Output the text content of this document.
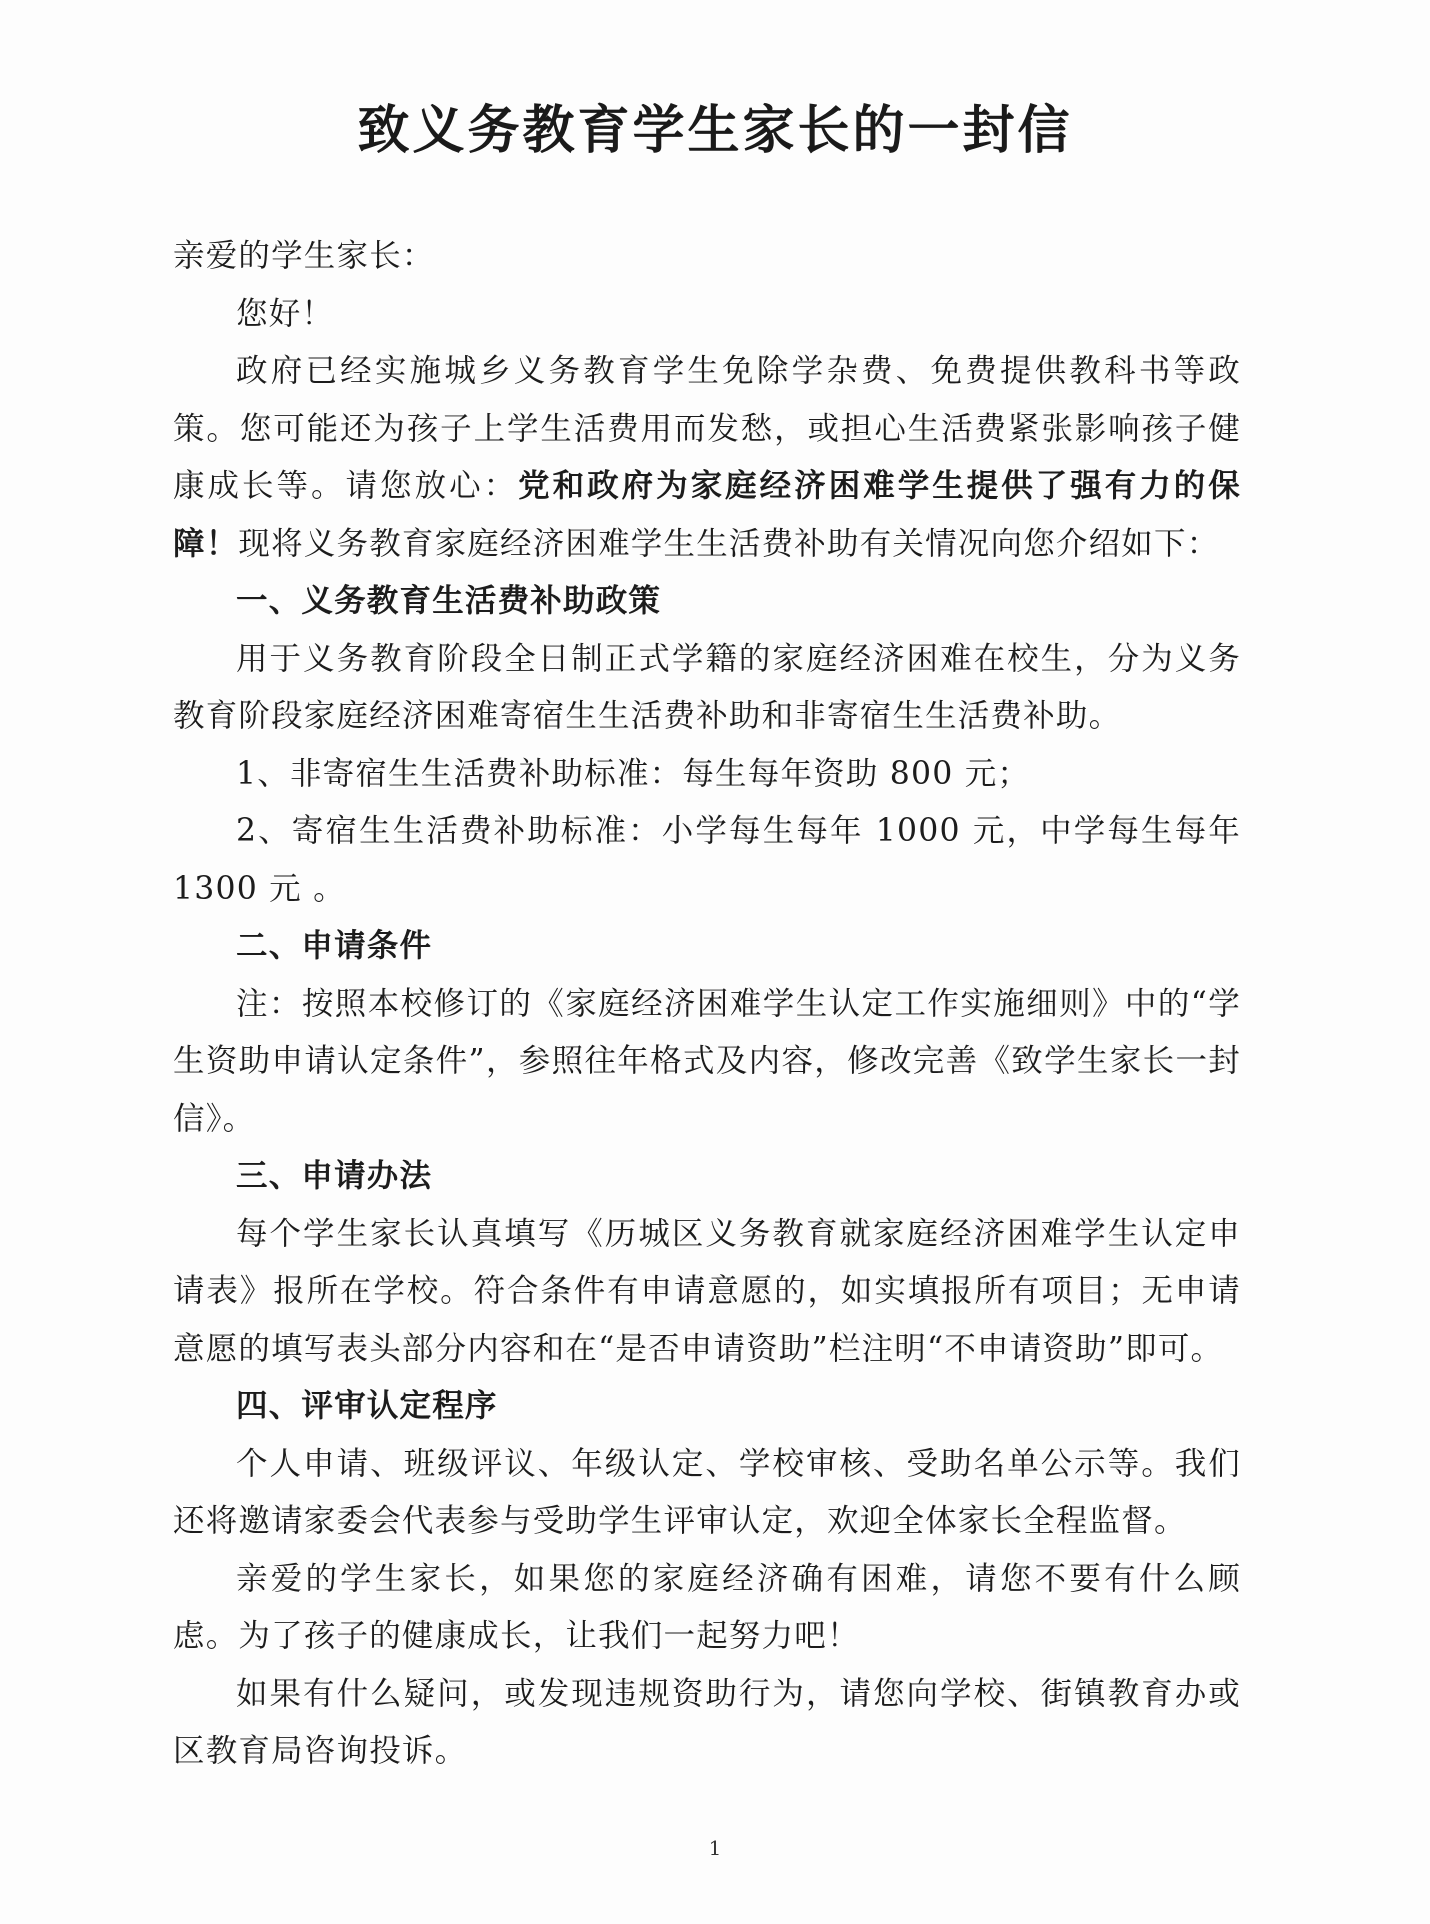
致义务教育学生家长的一封信

亲爱的学生家长：

您好！

政府已经实施城乡义务教育学生免除学杂费、免费提供教科书等政策。您可能还为孩子上学生活费用而发愁，或担心生活费紧张影响孩子健康成长等。请您放心：党和政府为家庭经济困难学生提供了强有力的保障！现将义务教育家庭经济困难学生生活费补助有关情况向您介绍如下：

一、义务教育生活费补助政策

用于义务教育阶段全日制正式学籍的家庭经济困难在校生，分为义务教育阶段家庭经济困难寄宿生生活费补助和非寄宿生生活费补助。

1、非寄宿生生活费补助标准：每生每年资助 800 元；

2、寄宿生生活费补助标准：小学每生每年 1000 元，中学每生每年 1300 元 。

二、申请条件

注：按照本校修订的《家庭经济困难学生认定工作实施细则》中的“学生资助申请认定条件”，参照往年格式及内容，修改完善《致学生家长一封信》。

三、申请办法

每个学生家长认真填写《历城区义务教育就家庭经济困难学生认定申请表》报所在学校。符合条件有申请意愿的，如实填报所有项目；无申请意愿的填写表头部分内容和在“是否申请资助”栏注明“不申请资助”即可。

四、评审认定程序

个人申请、班级评议、年级认定、学校审核、受助名单公示等。我们还将邀请家委会代表参与受助学生评审认定，欢迎全体家长全程监督。

亲爱的学生家长，如果您的家庭经济确有困难，请您不要有什么顾虑。为了孩子的健康成长，让我们一起努力吧！

如果有什么疑问，或发现违规资助行为，请您向学校、街镇教育办或区教育局咨询投诉。

1
